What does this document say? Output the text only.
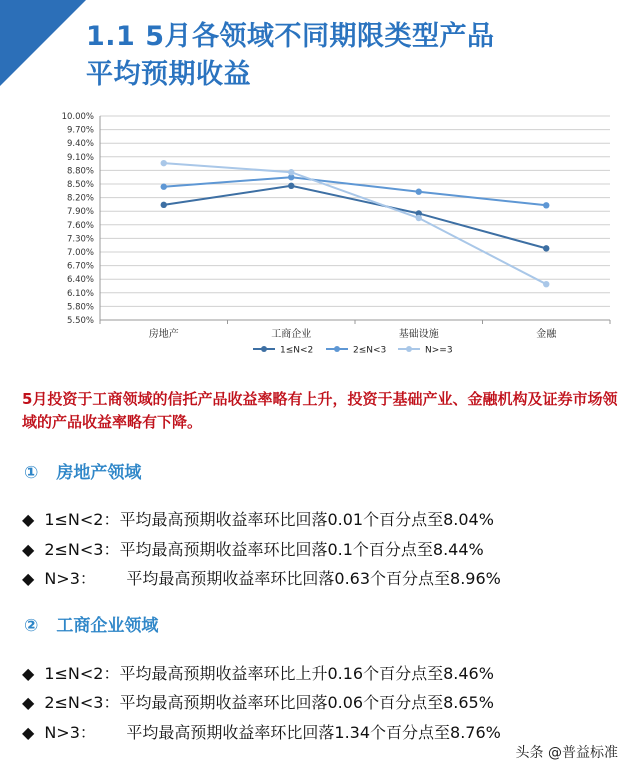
1.1 5月各领域不同期限类型产品
平均预期收益
10.00%
9.70%
9.40%
9.10%
8.80%
8.50%
8.20%
7.90%
7.60%
7.30%
7.00%
6.70%
6.40%
6.10%
5.80%
5.50%
房地产	工商企业	基础设施	金融
1≤N<2	2≤N<3	N>=3
5月投资于工商领域的信托产品收益率略有上升，投资于基础产业、金融机构及证券市场领域的产品收益率略有下降。
① 房地产领域
◆ 1≤N<2：平均最高预期收益率环比回落0.01个百分点至8.04%
◆ 2≤N<3：平均最高预期收益率环比回落0.1个百分点至8.44%
◆ N>3：      平均最高预期收益率环比回落0.63个百分点至8.96%
② 工商企业领域
◆ 1≤N<2：平均最高预期收益率环比上升0.16个百分点至8.46%
◆ 2≤N<3：平均最高预期收益率环比回落0.06个百分点至8.65%
◆ N>3：      平均最高预期收益率环比回落1.34个百分点至8.76%
头条 @普益标准
